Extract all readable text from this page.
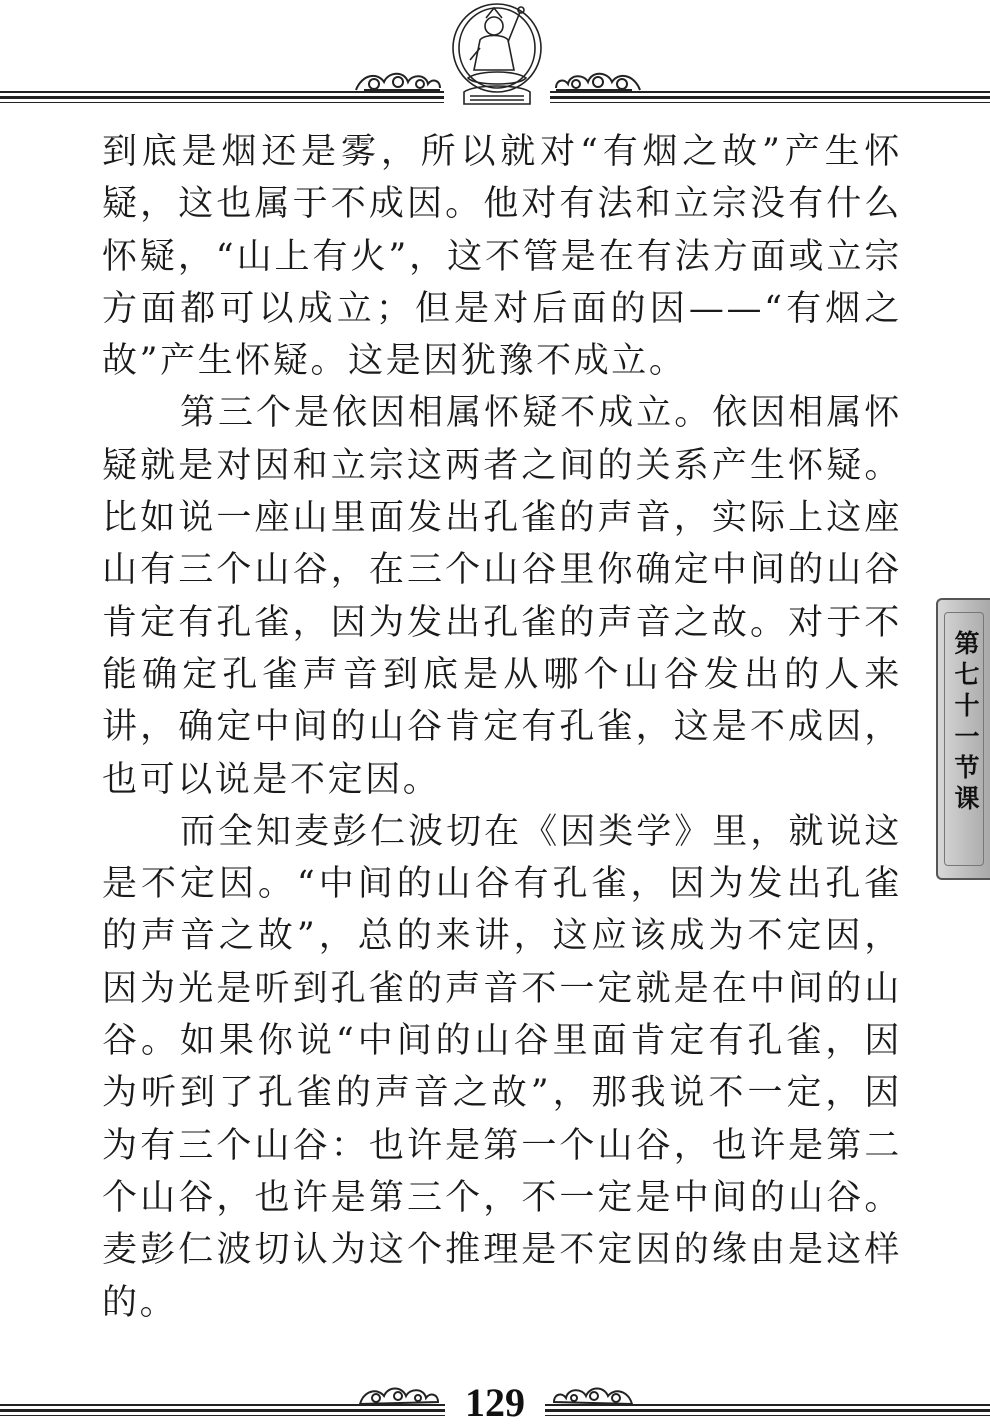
到底是烟还是雾，所以就对“有烟之故”产生怀疑，这也属于不成因。他对有法和立宗没有什么怀疑，“山上有火”，这不管是在有法方面或立宗方面都可以成立；但是对后面的因——“有烟之故”产生怀疑。这是因犹豫不成立。

第三个是依因相属怀疑不成立。依因相属怀疑就是对因和立宗这两者之间的关系产生怀疑。比如说一座山里面发出孔雀的声音，实际上这座山有三个山谷，在三个山谷里你确定中间的山谷肯定有孔雀，因为发出孔雀的声音之故。对于不能确定孔雀声音到底是从哪个山谷发出的人来讲，确定中间的山谷肯定有孔雀，这是不成因，也可以说是不定因。

而全知麦彭仁波切在《因类学》里，就说这是不定因。“中间的山谷有孔雀，因为发出孔雀的声音之故”，总的来讲，这应该成为不定因，因为光是听到孔雀的声音不一定就是在中间的山谷。如果你说“中间的山谷里面肯定有孔雀，因为听到了孔雀的声音之故”，那我说不一定，因为有三个山谷：也许是第一个山谷，也许是第二个山谷，也许是第三个，不一定是中间的山谷。麦彭仁波切认为这个推理是不定因的缘由是这样的。

第七十一节课
129
